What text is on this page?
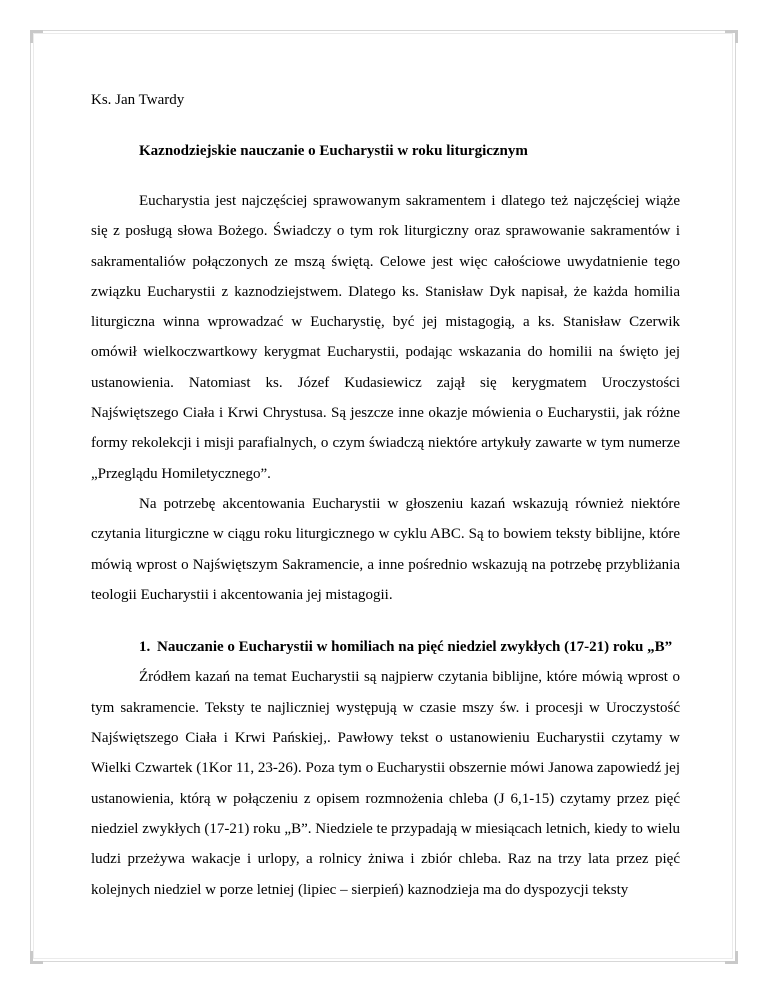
Ks. Jan Twardy

Kaznodziejskie nauczanie o Eucharystii w roku liturgicznym

Eucharystia jest najczęściej sprawowanym sakramentem i dlatego też najczęściej wiąże się z posługą słowa Bożego. Świadczy o tym rok liturgiczny oraz sprawowanie sakramentów i sakramentaliów połączonych ze mszą świętą. Celowe jest więc całościowe uwydatnienie tego związku Eucharystii z kaznodziejstwem. Dlatego ks. Stanisław Dyk napisał, że każda homilia liturgiczna winna wprowadzać w Eucharystię, być jej mistagogią, a ks. Stanisław Czerwik omówił wielkoczwartkowy kerygmat Eucharystii, podając wskazania do homilii na święto jej ustanowienia. Natomiast ks. Józef Kudasiewicz zajął się kerygmatem Uroczystości Najświętszego Ciała i Krwi Chrystusa. Są jeszcze inne okazje mówienia o Eucharystii, jak różne formy rekolekcji i misji parafialnych, o czym świadczą niektóre artykuły zawarte w tym numerze „Przeglądu Homiletycznego”.

Na potrzebę akcentowania Eucharystii w głoszeniu kazań wskazują również niektóre czytania liturgiczne w ciągu roku liturgicznego w cyklu ABC. Są to bowiem teksty biblijne, które mówią wprost o Najświętszym Sakramencie, a inne pośrednio wskazują na potrzebę przybliżania teologii Eucharystii i akcentowania jej mistagogii.

1. Nauczanie o Eucharystii w homiliach na pięć niedziel zwykłych (17-21) roku „B”

Źródłem kazań na temat Eucharystii są najpierw czytania biblijne, które mówią wprost o tym sakramencie. Teksty te najliczniej występują w czasie mszy św. i procesji w Uroczystość Najświętszego Ciała i Krwi Pańskiej,. Pawłowy tekst o ustanowieniu Eucharystii czytamy w Wielki Czwartek (1Kor 11, 23-26). Poza tym o Eucharystii obszernie mówi Janowa zapowiedź jej ustanowienia, którą w połączeniu z opisem rozmnożenia chleba (J 6,1-15) czytamy przez pięć niedziel zwykłych (17-21) roku „B”. Niedziele te przypadają w miesiącach letnich, kiedy to wielu ludzi przeżywa wakacje i urlopy, a rolnicy żniwa i zbiór chleba. Raz na trzy lata przez pięć kolejnych niedziel w porze letniej (lipiec – sierpień) kaznodzieja ma do dyspozycji teksty
